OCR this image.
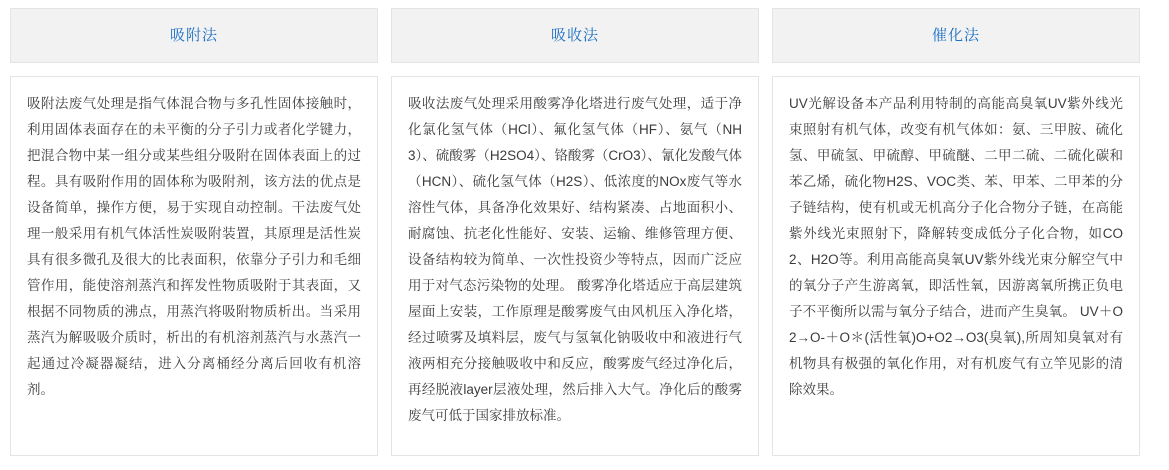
吸附法

吸附法废气处理是指气体混合物与多孔性固体接触时，利用固体表面存在的未平衡的分子引力或者化学键力，把混合物中某一组分或某些组分吸附在固体表面上的过程。具有吸附作用的固体称为吸附剂，该方法的优点是设备简单，操作方便，易于实现自动控制。干法废气处理一般采用有机气体活性炭吸附装置，其原理是活性炭具有很多微孔及很大的比表面积，依靠分子引力和毛细管作用，能使溶剂蒸汽和挥发性物质吸附于其表面，又根据不同物质的沸点，用蒸汽将吸附物质析出。当采用蒸汽为解吸吸介质时，析出的有机溶剂蒸汽与水蒸汽一起通过冷凝器凝结，进入分离桶经分离后回收有机溶剂。

吸收法

吸收法废气处理采用酸雾净化塔进行废气处理，适于净化氯化氢气体（HCl）、氟化氢气体（HF）、氨气（NH3）、硫酸雾（H2SO4）、铬酸雾（CrO3）、氰化发酸气体（HCN）、硫化氢气体（H2S）、低浓度的NOx废气等水溶性气体，具备净化效果好、结构紧凑、占地面积小、耐腐蚀、抗老化性能好、安装、运输、维修管理方便、设备结构较为简单、一次性投资少等特点，因而广泛应用于对气态污染物的处理。 酸雾净化塔适应于高层建筑屋面上安装，工作原理是酸雾废气由风机压入净化塔，经过喷雾及填料层，废气与氢氧化钠吸收中和液进行气液两相充分接触吸收中和反应，酸雾废气经过净化后，再经脱液layer层液处理，然后排入大气。净化后的酸雾废气可低于国家排放标准。

催化法

UV光解设备本产品利用特制的高能高臭氧UV紫外线光束照射有机气体，改变有机气体如：氨、三甲胺、硫化氢、甲硫氢、甲硫醇、甲硫醚、二甲二硫、二硫化碳和苯乙烯，硫化物H2S、VOC类、苯、甲苯、二甲苯的分子链结构，使有机或无机高分子化合物分子链，在高能紫外线光束照射下，降解转变成低分子化合物，如CO2、H2O等。利用高能高臭氧UV紫外线光束分解空气中的氧分子产生游离氧，即活性氧，因游离氧所携正负电子不平衡所以需与氧分子结合，进而产生臭氧。 UV＋O2→O-＋O＊(活性氧)O+O2→O3(臭氧),所周知臭氧对有机物具有极强的氧化作用，对有机废气有立竿见影的清除效果。
